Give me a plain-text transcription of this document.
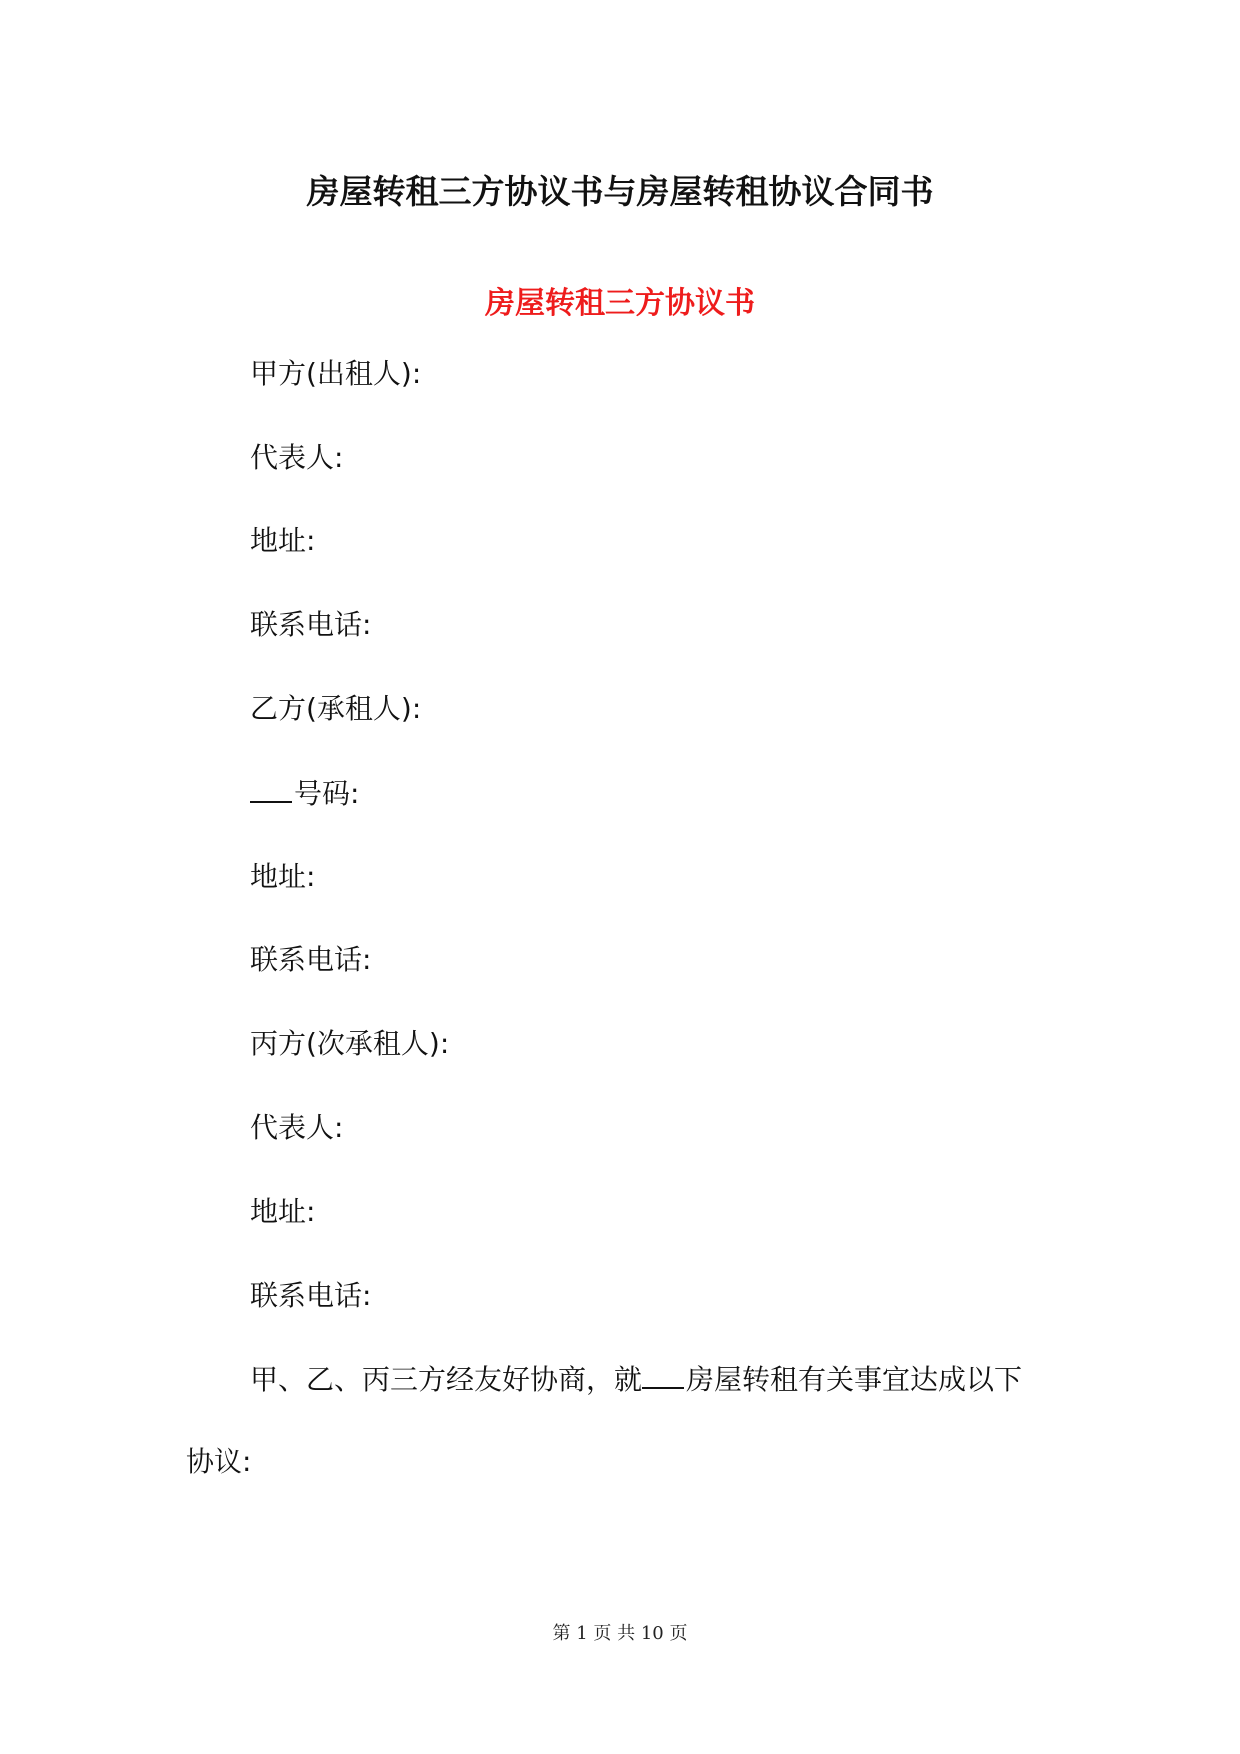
房屋转租三方协议书与房屋转租协议合同书
房屋转租三方协议书
甲方(出租人):
代表人:
地址:
联系电话:
乙方(承租人):
号码:
地址:
联系电话:
丙方(次承租人):
代表人:
地址:
联系电话:
甲、乙、丙三方经友好协商，就 房屋转租有关事宜达成以下
协议:
第 1 页 共 10 页
